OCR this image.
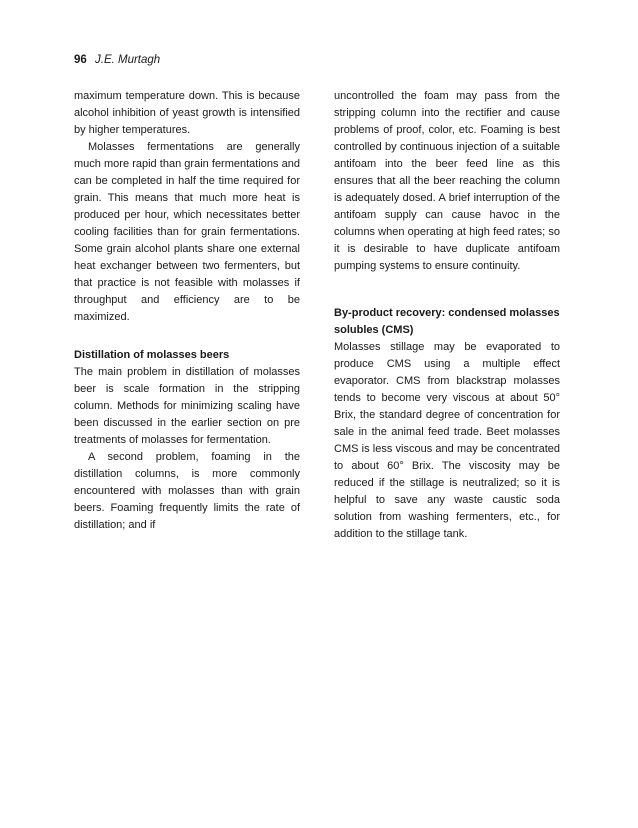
96 J.E. Murtagh

maximum temperature down. This is because alcohol inhibition of yeast growth is intensified by higher temperatures.

Molasses fermentations are generally much more rapid than grain fermentations and can be completed in half the time required for grain. This means that much more heat is produced per hour, which necessitates better cooling facilities than for grain fermentations. Some grain alcohol plants share one external heat exchanger between two fermenters, but that practice is not feasible with molasses if throughput and efficiency are to be maximized.

Distillation of molasses beers

The main problem in distillation of molasses beer is scale formation in the stripping column. Methods for minimizing scaling have been discussed in the earlier section on pre treatments of molasses for fermentation.

A second problem, foaming in the distillation columns, is more commonly encountered with molasses than with grain beers. Foaming frequently limits the rate of distillation; and if

uncontrolled the foam may pass from the stripping column into the rectifier and cause problems of proof, color, etc. Foaming is best controlled by continuous injection of a suitable antifoam into the beer feed line as this ensures that all the beer reaching the column is adequately dosed. A brief interruption of the antifoam supply can cause havoc in the columns when operating at high feed rates; so it is desirable to have duplicate antifoam pumping systems to ensure continuity.

By-product recovery: condensed molasses solubles (CMS)

Molasses stillage may be evaporated to produce CMS using a multiple effect evaporator. CMS from blackstrap molasses tends to become very viscous at about 50° Brix, the standard degree of concentration for sale in the animal feed trade. Beet molasses CMS is less viscous and may be concentrated to about 60° Brix. The viscosity may be reduced if the stillage is neutralized; so it is helpful to save any waste caustic soda solution from washing fermenters, etc., for addition to the stillage tank.
